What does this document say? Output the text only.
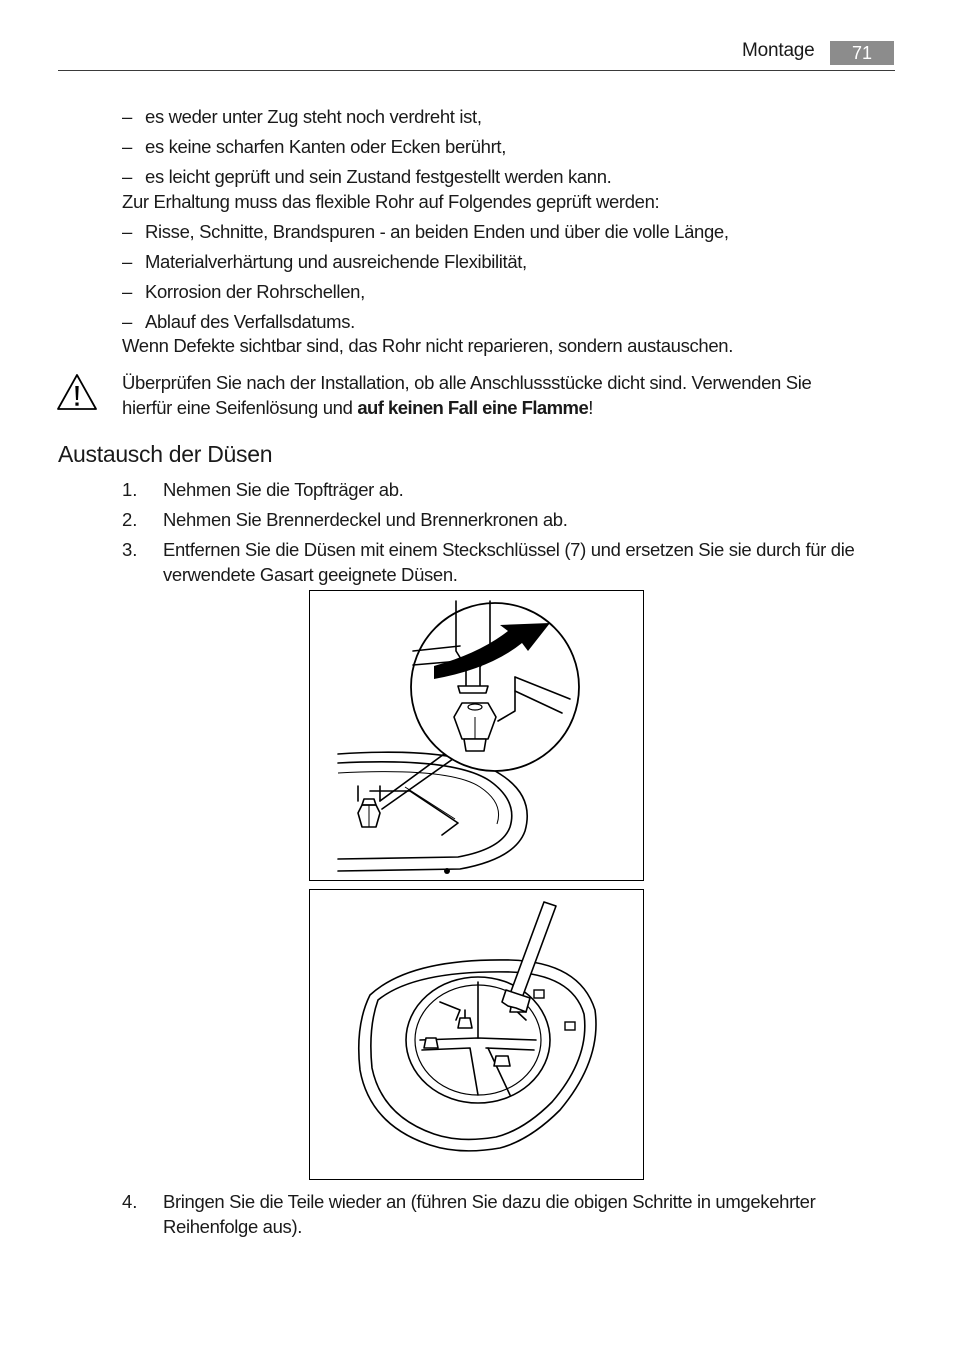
Montage	71
– es weder unter Zug steht noch verdreht ist,
– es keine scharfen Kanten oder Ecken berührt,
– es leicht geprüft und sein Zustand festgestellt werden kann.
Zur Erhaltung muss das flexible Rohr auf Folgendes geprüft werden:
– Risse, Schnitte, Brandspuren - an beiden Enden und über die volle Länge,
– Materialverhärtung und ausreichende Flexibilität,
– Korrosion der Rohrschellen,
– Ablauf des Verfallsdatums.
Wenn Defekte sichtbar sind, das Rohr nicht reparieren, sondern austauschen.
Überprüfen Sie nach der Installation, ob alle Anschlussstücke dicht sind. Verwenden Sie
hierfür eine Seifenlösung und auf keinen Fall eine Flamme!
Austausch der Düsen
1. Nehmen Sie die Topfträger ab.
2. Nehmen Sie Brennerdeckel und Brennerkronen ab.
3. Entfernen Sie die Düsen mit einem Steckschlüssel (7) und ersetzen Sie sie durch für die
verwendete Gasart geeignete Düsen.
4. Bringen Sie die Teile wieder an (führen Sie dazu die obigen Schritte in umgekehrter
Reihenfolge aus).
